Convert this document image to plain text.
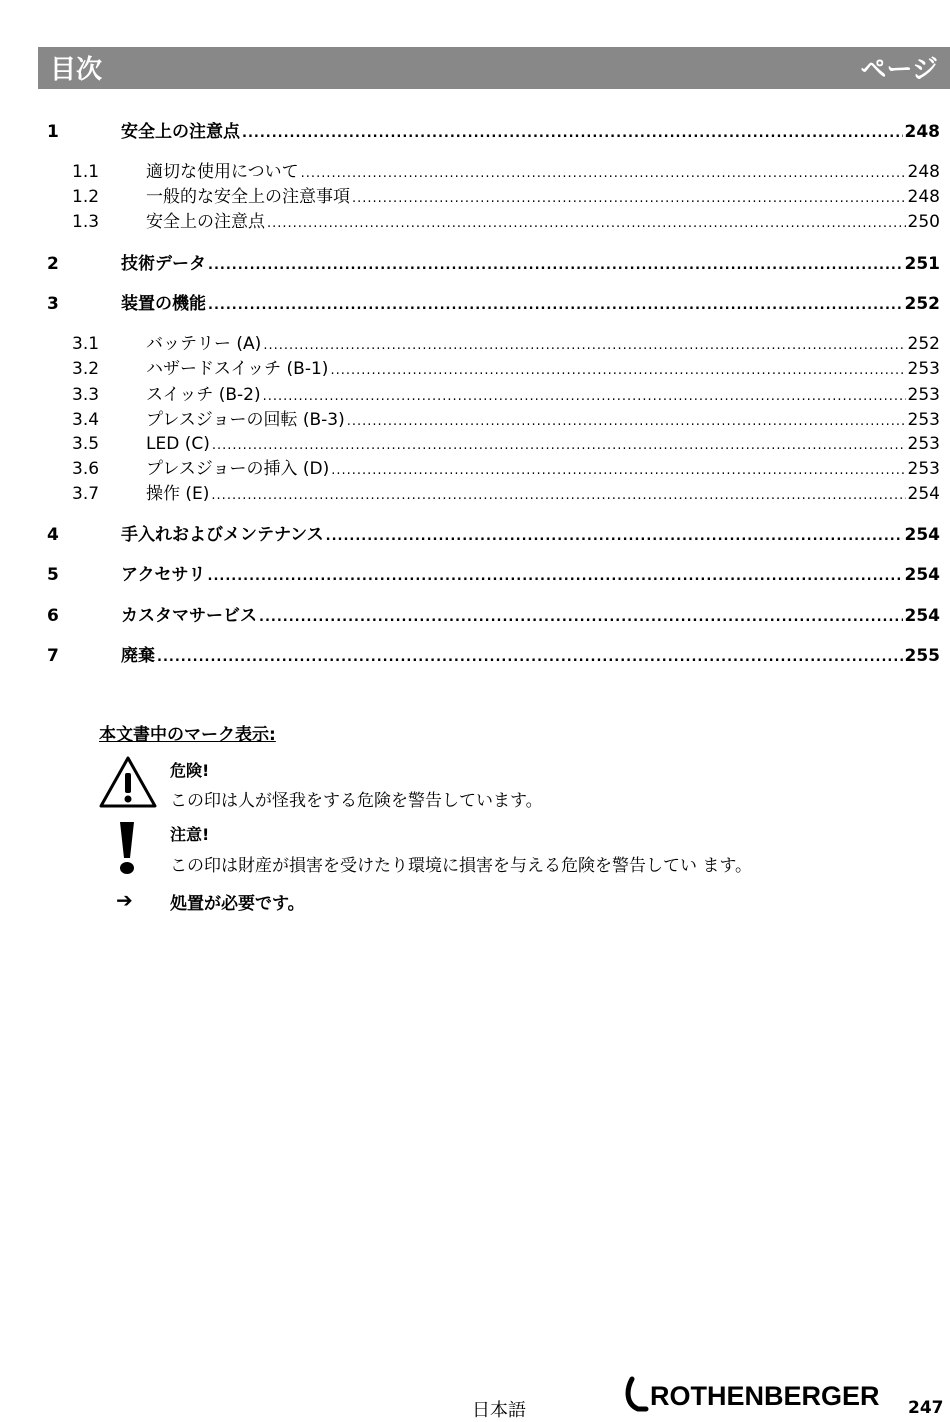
目次	ページ
1	安全上の注意点 .....	248
1.1	適切な使用について .....	248
1.2	一般的な安全上の注意事項 .....	248
1.3	安全上の注意点 .....	250
2	技術データ .....	251
3	装置の機能 .....	252
3.1	バッテリー (A) .....	252
3.2	ハザードスイッチ (B-1) .....	253
3.3	スイッチ (B-2) .....	253
3.4	プレスジョーの回転 (B-3) .....	253
3.5	LED (C) .....	253
3.6	プレスジョーの挿入 (D) .....	253
3.7	操作 (E) .....	254
4	手入れおよびメンテナンス .....	254
5	アクセサリ .....	254
6	カスタマサービス .....	254
7	廃棄 .....	255
本文書中のマーク表示:
危険!
この印は人が怪我をする危険を警告しています。
注意!
この印は財産が損害を受けたり環境に損害を与える危険を警告してい ます。
➔ 処置が必要です。
日本語	ROTHENBERGER 247
